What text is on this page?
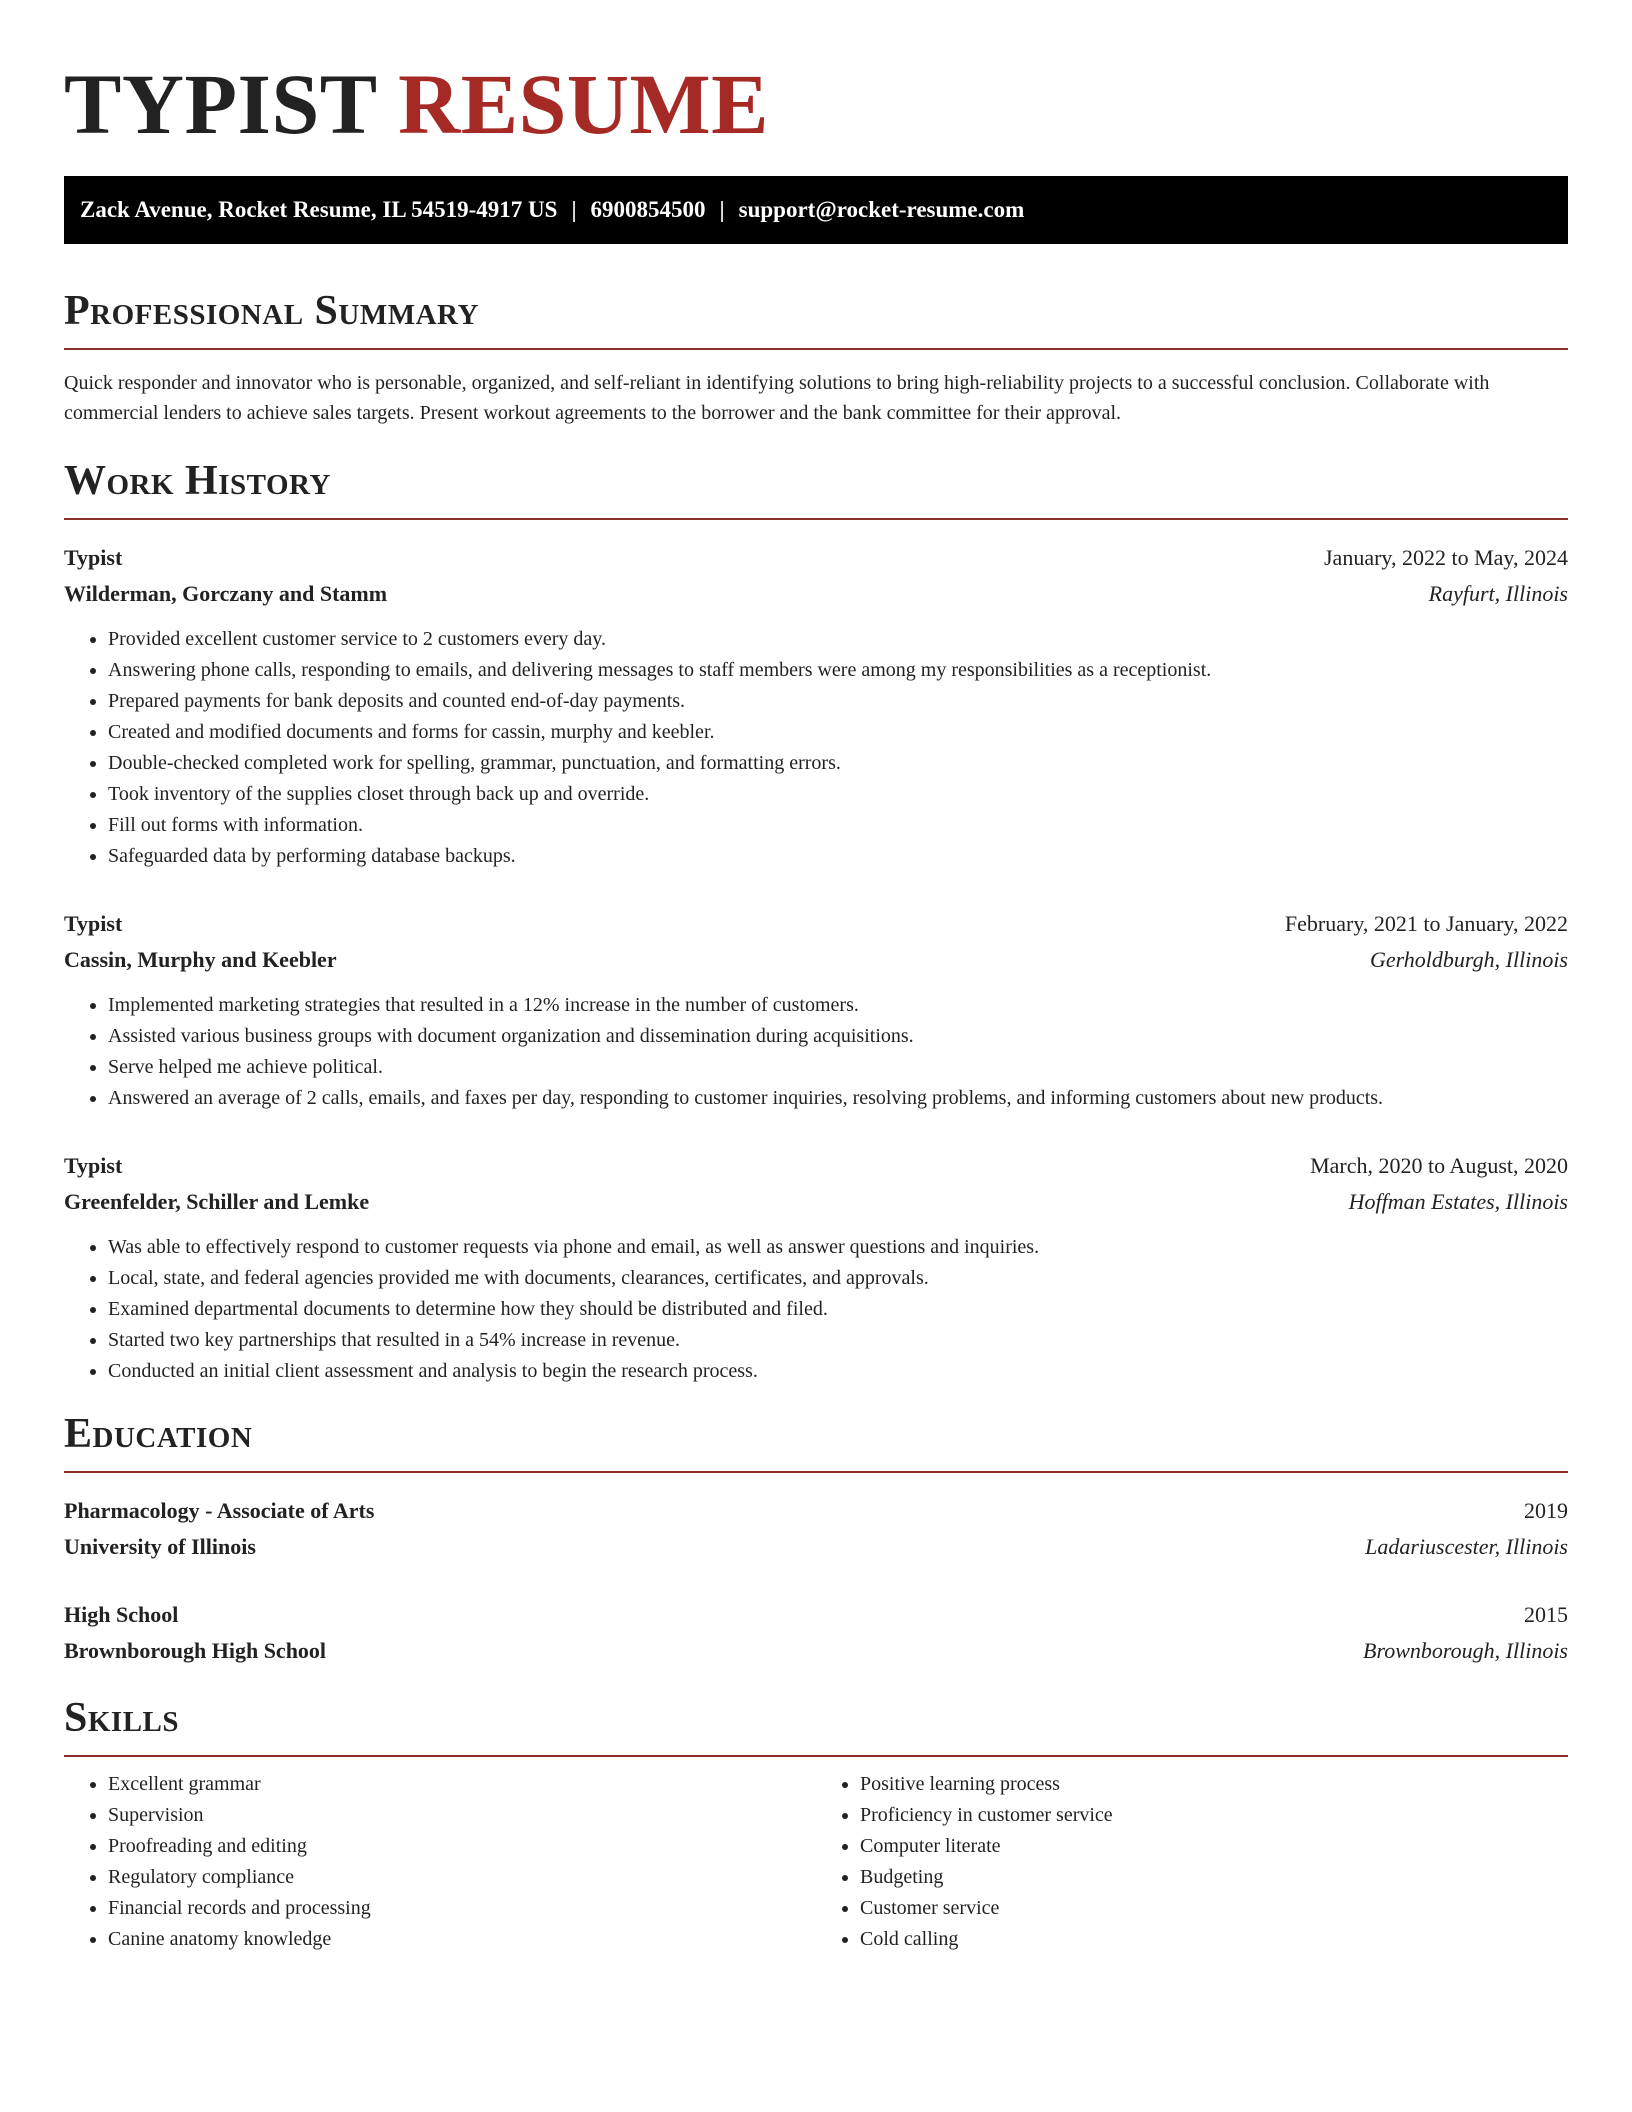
TYPIST RESUME
Zack Avenue, Rocket Resume, IL 54519-4917 US | 6900854500 | support@rocket-resume.com
Professional Summary

Quick responder and innovator who is personable, organized, and self-reliant in identifying solutions to bring high-reliability projects to a successful conclusion. Collaborate with commercial lenders to achieve sales targets. Present workout agreements to the borrower and the bank committee for their approval.

Work History
Typist	January, 2022 to May, 2024
Wilderman, Gorczany and Stamm	Rayfurt, Illinois
• Provided excellent customer service to 2 customers every day.
• Answering phone calls, responding to emails, and delivering messages to staff members were among my responsibilities as a receptionist.
• Prepared payments for bank deposits and counted end-of-day payments.
• Created and modified documents and forms for cassin, murphy and keebler.
• Double-checked completed work for spelling, grammar, punctuation, and formatting errors.
• Took inventory of the supplies closet through back up and override.
• Fill out forms with information.
• Safeguarded data by performing database backups.
Typist	February, 2021 to January, 2022
Cassin, Murphy and Keebler	Gerholdburgh, Illinois
• Implemented marketing strategies that resulted in a 12% increase in the number of customers.
• Assisted various business groups with document organization and dissemination during acquisitions.
• Serve helped me achieve political.
• Answered an average of 2 calls, emails, and faxes per day, responding to customer inquiries, resolving problems, and informing customers about new products.
Typist	March, 2020 to August, 2020
Greenfelder, Schiller and Lemke	Hoffman Estates, Illinois
• Was able to effectively respond to customer requests via phone and email, as well as answer questions and inquiries.
• Local, state, and federal agencies provided me with documents, clearances, certificates, and approvals.
• Examined departmental documents to determine how they should be distributed and filed.
• Started two key partnerships that resulted in a 54% increase in revenue.
• Conducted an initial client assessment and analysis to begin the research process.
Education
Pharmacology - Associate of Arts	2019
University of Illinois	Ladariuscester, Illinois
High School	2015
Brownborough High School	Brownborough, Illinois
Skills
• Excellent grammar
• Supervision
• Proofreading and editing
• Regulatory compliance
• Financial records and processing
• Canine anatomy knowledge
• Positive learning process
• Proficiency in customer service
• Computer literate
• Budgeting
• Customer service
• Cold calling
